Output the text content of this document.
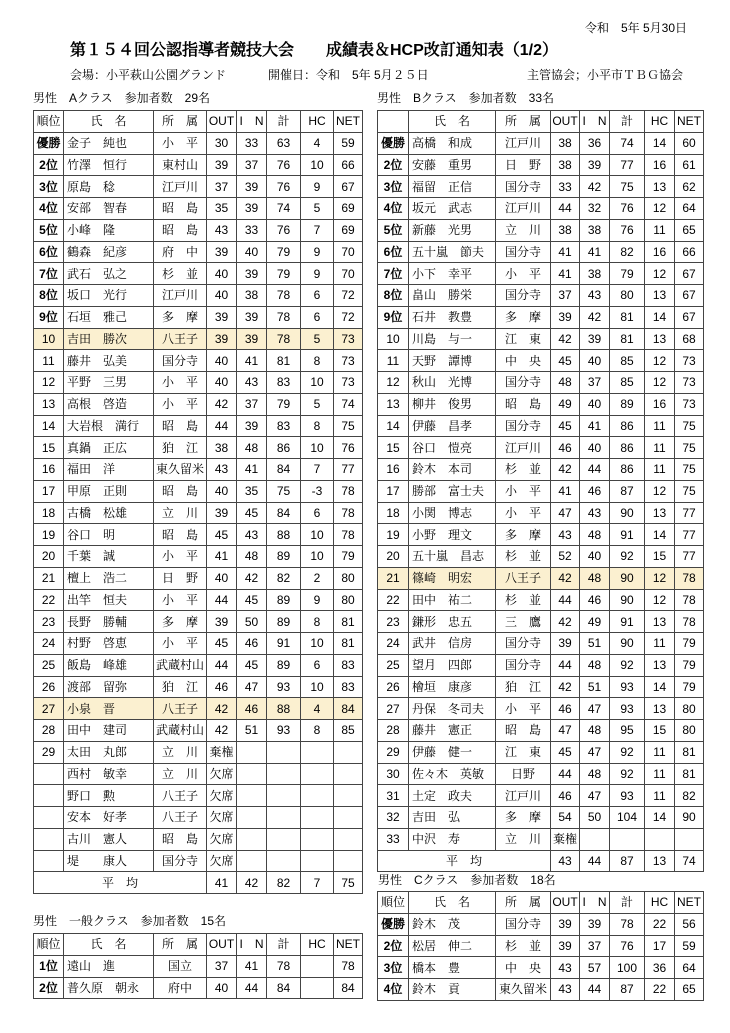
令和　5年 5月30日
第１５４回公認指導者競技大会　　成績表＆HCP改訂通知表（1/2）
会場：小平萩山公園グランド	開催日：令和　5年 5月２５日	主管協会；小平市ＴＢＧ協会
男性　Aクラス　参加者数　29名
順位	氏　名	所　属	OUT	I　N	計	HC	NET
優勝	金子　純也	小　平	30	33	63	4	59
2位	竹澤　恒行	東村山	39	37	76	10	66
3位	原島　稔	江戸川	37	39	76	9	67
4位	安部　智春	昭　島	35	39	74	5	69
5位	小峰　隆	昭　島	43	33	76	7	69
6位	鶴森　紀彦	府　中	39	40	79	9	70
7位	武石　弘之	杉　並	40	39	79	9	70
8位	坂口　光行	江戸川	40	38	78	6	72
9位	石垣　雅己	多　摩	39	39	78	6	72
10	吉田　勝次	八王子	39	39	78	5	73
11	藤井　弘美	国分寺	40	41	81	8	73
12	平野　三男	小　平	40	43	83	10	73
13	高根　啓造	小　平	42	37	79	5	74
14	大岩根　満行	昭　島	44	39	83	8	75
15	真鍋　正広	狛　江	38	48	86	10	76
16	福田　洋	東久留米	43	41	84	7	77
17	甲原　正則	昭　島	40	35	75	-3	78
18	古橋　松雄	立　川	39	45	84	6	78
19	谷口　明	昭　島	45	43	88	10	78
20	千葉　誠	小　平	41	48	89	10	79
21	檀上　浩二	日　野	40	42	82	2	80
22	出竿　恒夫	小　平	44	45	89	9	80
23	長野　勝輔	多　摩	39	50	89	8	81
24	村野　啓恵	小　平	45	46	91	10	81
25	飯島　峰雄	武蔵村山	44	45	89	6	83
26	渡部　留弥	狛　江	46	47	93	10	83
27	小泉　晋	八王子	42	46	88	4	84
28	田中　建司	武蔵村山	42	51	93	8	85
29	太田　丸郎	立　川	棄権				
	西村　敏幸	立　川	欠席				
	野口　勲	八王子	欠席				
	安本　好孝	八王子	欠席				
	古川　憲人	昭　島	欠席				
	堤　　康人	国分寺	欠席				
平　均			41	42	82	7	75
男性　Bクラス　参加者数　33名
	氏　名	所　属	OUT	I　N	計	HC	NET
優勝	高橋　和成	江戸川	38	36	74	14	60
2位	安藤　重男	日　野	38	39	77	16	61
3位	福留　正信	国分寺	33	42	75	13	62
4位	坂元　武志	江戸川	44	32	76	12	64
5位	新藤　光男	立　川	38	38	76	11	65
6位	五十嵐　節夫	国分寺	41	41	82	16	66
7位	小下　幸平	小　平	41	38	79	12	67
8位	畠山　勝栄	国分寺	37	43	80	13	67
9位	石井　教豊	多　摩	39	42	81	14	67
10	川島　与一	江　東	42	39	81	13	68
11	天野　譚博	中　央	45	40	85	12	73
12	秋山　光博	国分寺	48	37	85	12	73
13	柳井　俊男	昭　島	49	40	89	16	73
14	伊藤　昌孝	国分寺	45	41	86	11	75
15	谷口　愷亮	江戸川	46	40	86	11	75
16	鈴木　本司	杉　並	42	44	86	11	75
17	勝部　富士夫	小　平	41	46	87	12	75
18	小関　博志	小　平	47	43	90	13	77
19	小野　理文	多　摩	43	48	91	14	77
20	五十嵐　昌志	杉　並	52	40	92	15	77
21	篠崎　明宏	八王子	42	48	90	12	78
22	田中　祐二	杉　並	44	46	90	12	78
23	鎌形　忠五	三　鷹	42	49	91	13	78
24	武井　信房	国分寺	39	51	90	11	79
25	望月　四郎	国分寺	44	48	92	13	79
26	檜垣　康彦	狛　江	42	51	93	14	79
27	丹保　冬司夫	小　平	46	47	93	13	80
28	藤井　憲正	昭　島	47	48	95	15	80
29	伊藤　健一	江　東	45	47	92	11	81
30	佐々木　英敏	日野	44	48	92	11	81
31	土定　政夫	江戸川	46	47	93	11	82
32	吉田　弘	多　摩	54	50	104	14	90
33	中沢　寿	立　川	棄権				
平　均			43	44	87	13	74
男性　Cクラス　参加者数　18名
順位	氏　名	所　属	OUT	I　N	計	HC	NET
優勝	鈴木　茂	国分寺	39	39	78	22	56
2位	松居　伸二	杉　並	39	37	76	17	59
3位	橋本　豊	中　央	43	57	100	36	64
4位	鈴木　貢	東久留米	43	44	87	22	65
男性　一般クラス　参加者数　15名
順位	氏　名	所　属	OUT	I　N	計	HC	NET
1位	遠山　進	国立	37	41	78		78
2位	普久原　朝永	府中	40	44	84		84
